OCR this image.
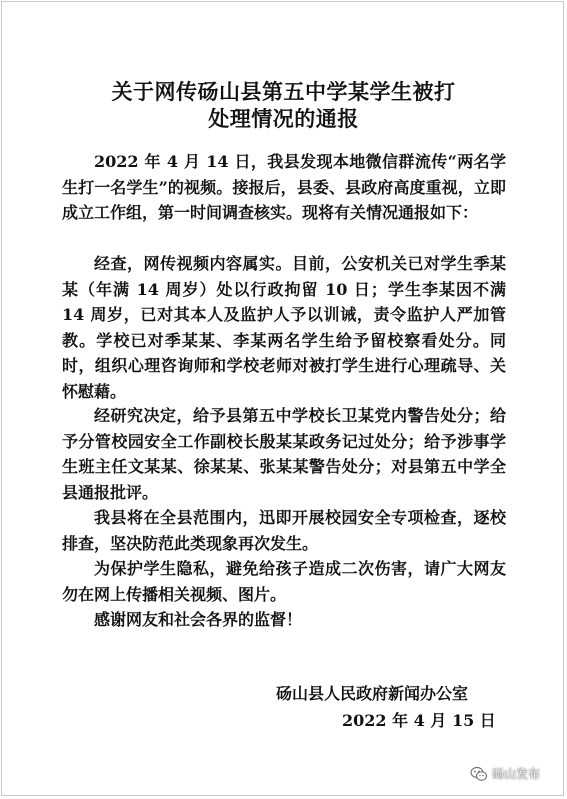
关于网传砀山县第五中学某学生被打
处理情况的通报

2022 年 4 月 14 日，我县发现本地微信群流传“两名学生打一名学生”的视频。接报后，县委、县政府高度重视，立即成立工作组，第一时间调查核实。现将有关情况通报如下：

经查，网传视频内容属实。目前，公安机关已对学生季某某（年满 14 周岁）处以行政拘留 10 日；学生李某因不满 14 周岁，已对其本人及监护人予以训诫，责令监护人严加管教。学校已对季某某、李某两名学生给予留校察看处分。同时，组织心理咨询师和学校老师对被打学生进行心理疏导、关怀慰藉。

经研究决定，给予县第五中学校长卫某党内警告处分；给予分管校园安全工作副校长殷某某政务记过处分；给予涉事学生班主任文某某、徐某某、张某某警告处分；对县第五中学全县通报批评。

我县将在全县范围内，迅即开展校园安全专项检查，逐校排查，坚决防范此类现象再次发生。

为保护学生隐私，避免给孩子造成二次伤害，请广大网友勿在网上传播相关视频、图片。

感谢网友和社会各界的监督！

砀山县人民政府新闻办公室
2022 年 4 月 15 日
砀山发布
